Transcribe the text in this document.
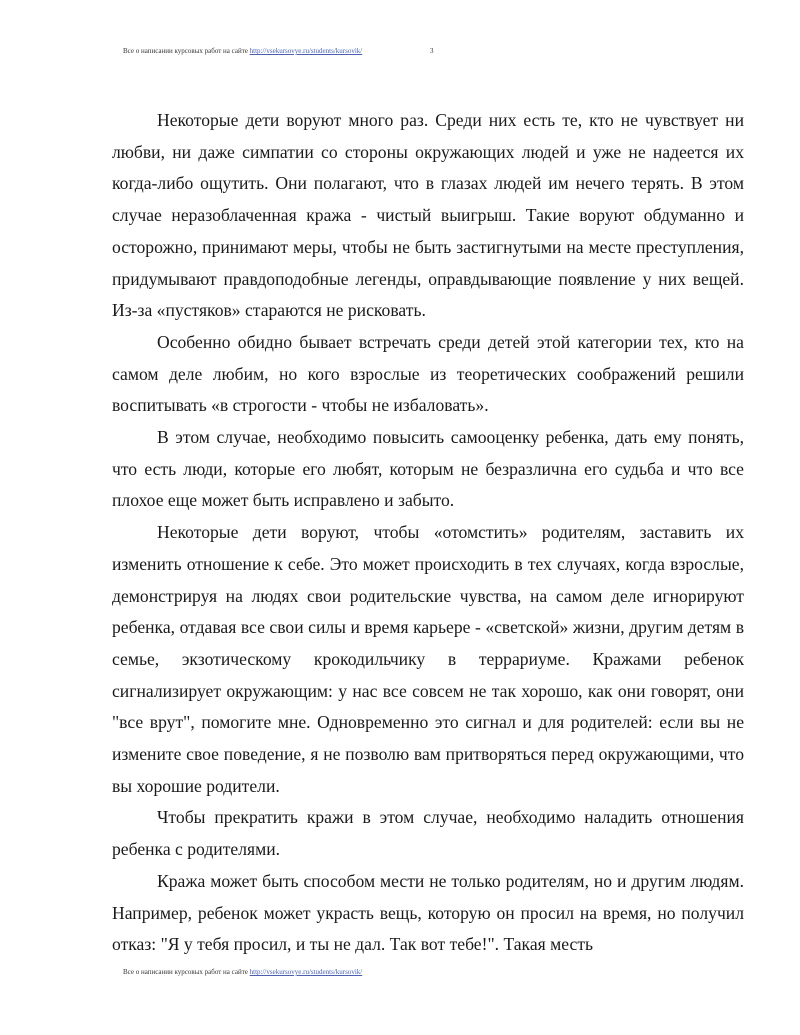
Все о написании курсовых работ на сайте http://vsekursovye.ru/students/kursovik/	3

Некоторые дети воруют много раз. Среди них есть те, кто не чувствует ни любви, ни даже симпатии со стороны окружающих людей и уже не надеется их когда-либо ощутить. Они полагают, что в глазах людей им нечего терять. В этом случае неразоблаченная кража - чистый выигрыш. Такие воруют обдуманно и осторожно, принимают меры, чтобы не быть застигнутыми на месте преступления, придумывают правдоподобные легенды, оправдывающие появление у них вещей. Из-за «пустяков» стараются не рисковать.

Особенно обидно бывает встречать среди детей этой категории тех, кто на самом деле любим, но кого взрослые из теоретических соображений решили воспитывать «в строгости - чтобы не избаловать».

В этом случае, необходимо повысить самооценку ребенка, дать ему понять, что есть люди, которые его любят, которым не безразлична его судьба и что все плохое еще может быть исправлено и забыто.

Некоторые дети воруют, чтобы «отомстить» родителям, заставить их изменить отношение к себе. Это может происходить в тех случаях, когда взрослые, демонстрируя на людях свои родительские чувства, на самом деле игнорируют ребенка, отдавая все свои силы и время карьере - «светской» жизни, другим детям в семье, экзотическому крокодильчику в террариуме. Кражами ребенок сигнализирует окружающим: у нас все совсем не так хорошо, как они говорят, они "все врут", помогите мне. Одновременно это сигнал и для родителей: если вы не измените свое поведение, я не позволю вам притворяться перед окружающими, что вы хорошие родители.

Чтобы прекратить кражи в этом случае, необходимо наладить отношения ребенка с родителями.

Кража может быть способом мести не только родителям, но и другим людям. Например, ребенок может украсть вещь, которую он просил на время, но получил отказ: "Я у тебя просил, и ты не дал. Так вот тебе!". Такая месть

Все о написании курсовых работ на сайте http://vsekursovye.ru/students/kursovik/
